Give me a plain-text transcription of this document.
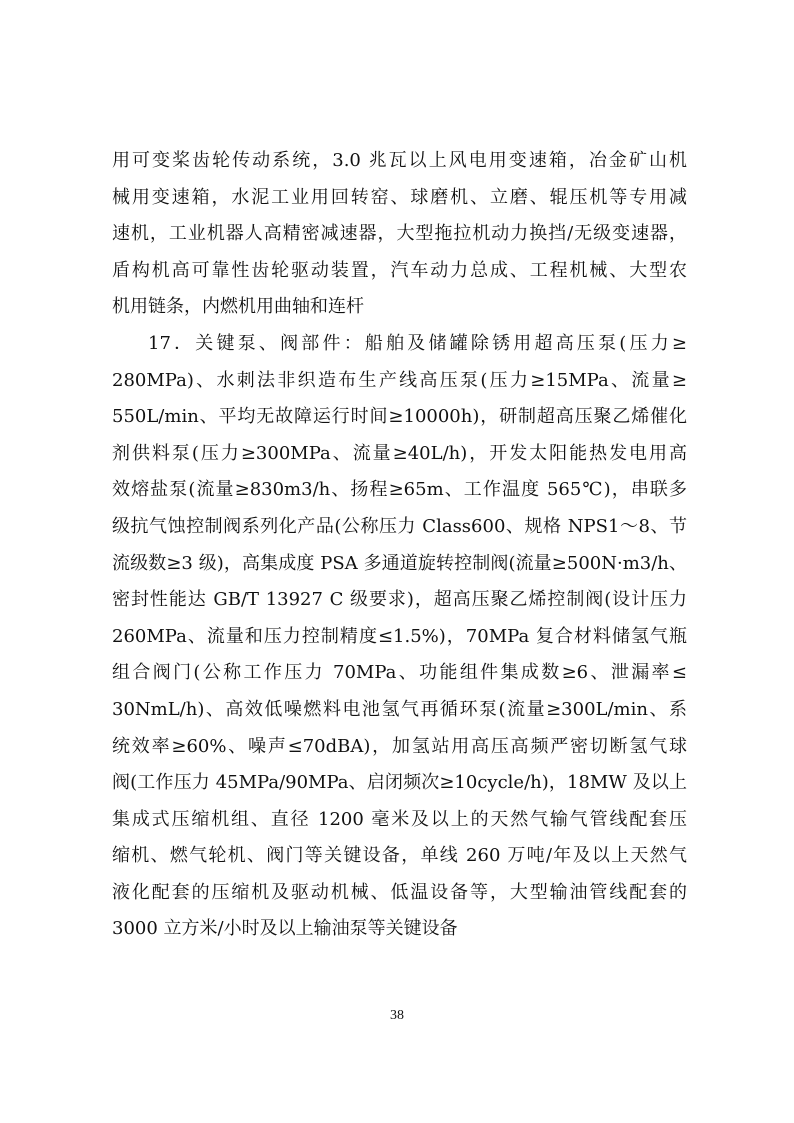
用可变桨齿轮传动系统，3.0 兆瓦以上风电用变速箱，冶金矿山机
械用变速箱，水泥工业用回转窑、球磨机、立磨、辊压机等专用减
速机，工业机器人高精密减速器，大型拖拉机动力换挡/无级变速器，
盾构机高可靠性齿轮驱动装置，汽车动力总成、工程机械、大型农
机用链条，内燃机用曲轴和连杆
17．关键泵、阀部件：船舶及储罐除锈用超高压泵(压力≥
280MPa)、水刺法非织造布生产线高压泵(压力≥15MPa、流量≥
550L/min、平均无故障运行时间≥10000h)，研制超高压聚乙烯催化
剂供料泵(压力≥300MPa、流量≥40L/h)，开发太阳能热发电用高
效熔盐泵(流量≥830m3/h、扬程≥65m、工作温度 565℃)，串联多
级抗气蚀控制阀系列化产品(公称压力 Class600、规格 NPS1～8、节
流级数≥3 级)，高集成度 PSA 多通道旋转控制阀(流量≥500N·m3/h、
密封性能达 GB/T 13927 C 级要求)，超高压聚乙烯控制阀(设计压力
260MPa、流量和压力控制精度≤1.5%)，70MPa 复合材料储氢气瓶
组合阀门(公称工作压力 70MPa、功能组件集成数≥6、泄漏率≤
30NmL/h)、高效低噪燃料电池氢气再循环泵(流量≥300L/min、系
统效率≥60%、噪声≤70dBA)，加氢站用高压高频严密切断氢气球
阀(工作压力 45MPa/90MPa、启闭频次≥10cycle/h)，18MW 及以上
集成式压缩机组、直径 1200 毫米及以上的天然气输气管线配套压
缩机、燃气轮机、阀门等关键设备，单线 260 万吨/年及以上天然气
液化配套的压缩机及驱动机械、低温设备等，大型输油管线配套的
3000 立方米/小时及以上输油泵等关键设备
38
